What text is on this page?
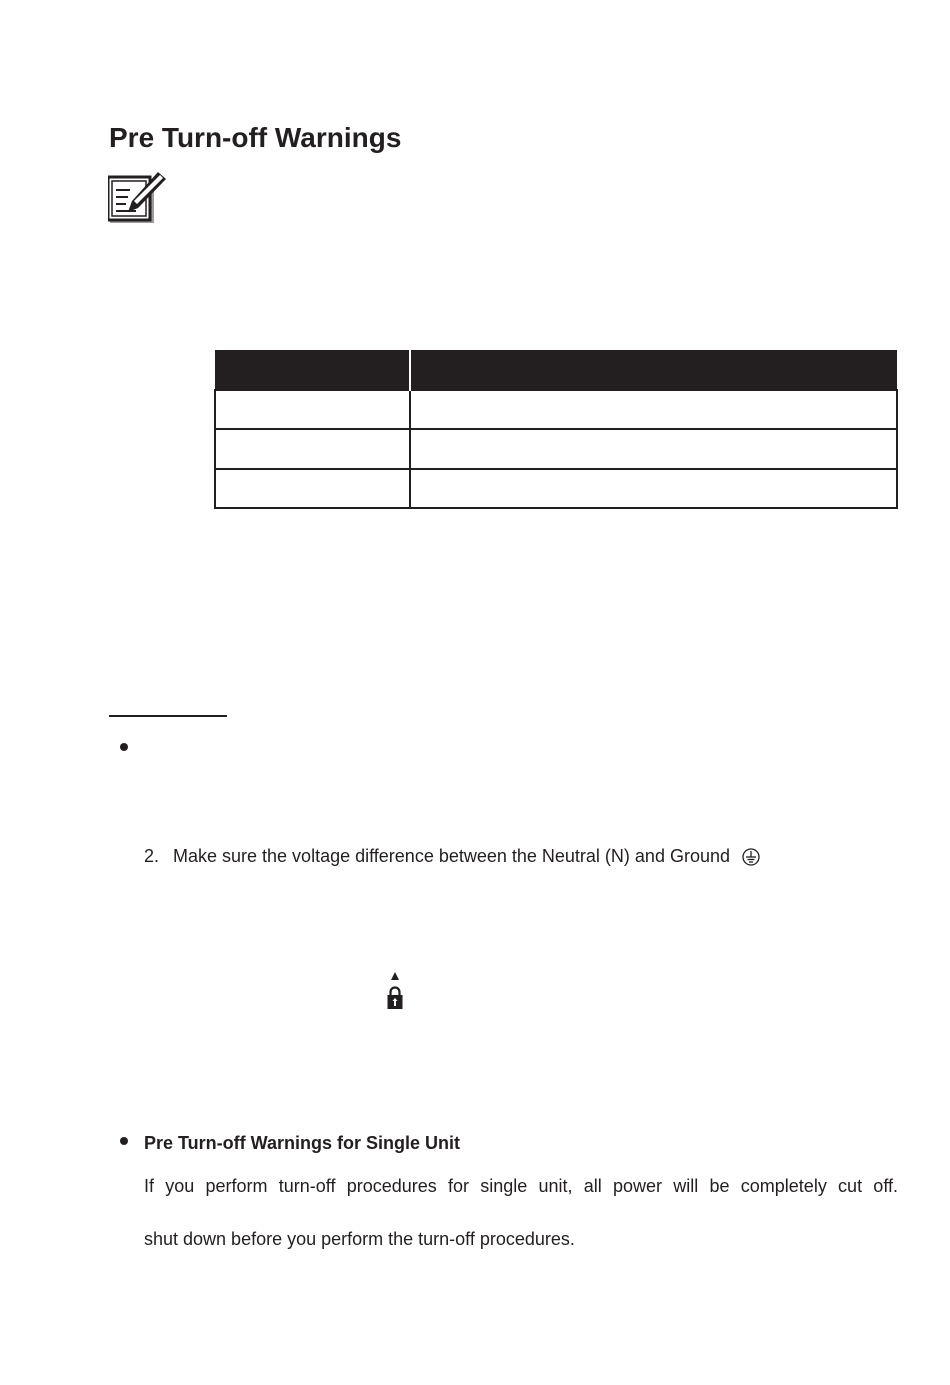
Pre Turn-off Warnings

2. Make sure the voltage difference between the Neutral (N) and Ground
Pre Turn-off Warnings for Single Unit
If you perform turn-off procedures for single unit, all power will be completely cut off.
shut down before you perform the turn-off procedures.
